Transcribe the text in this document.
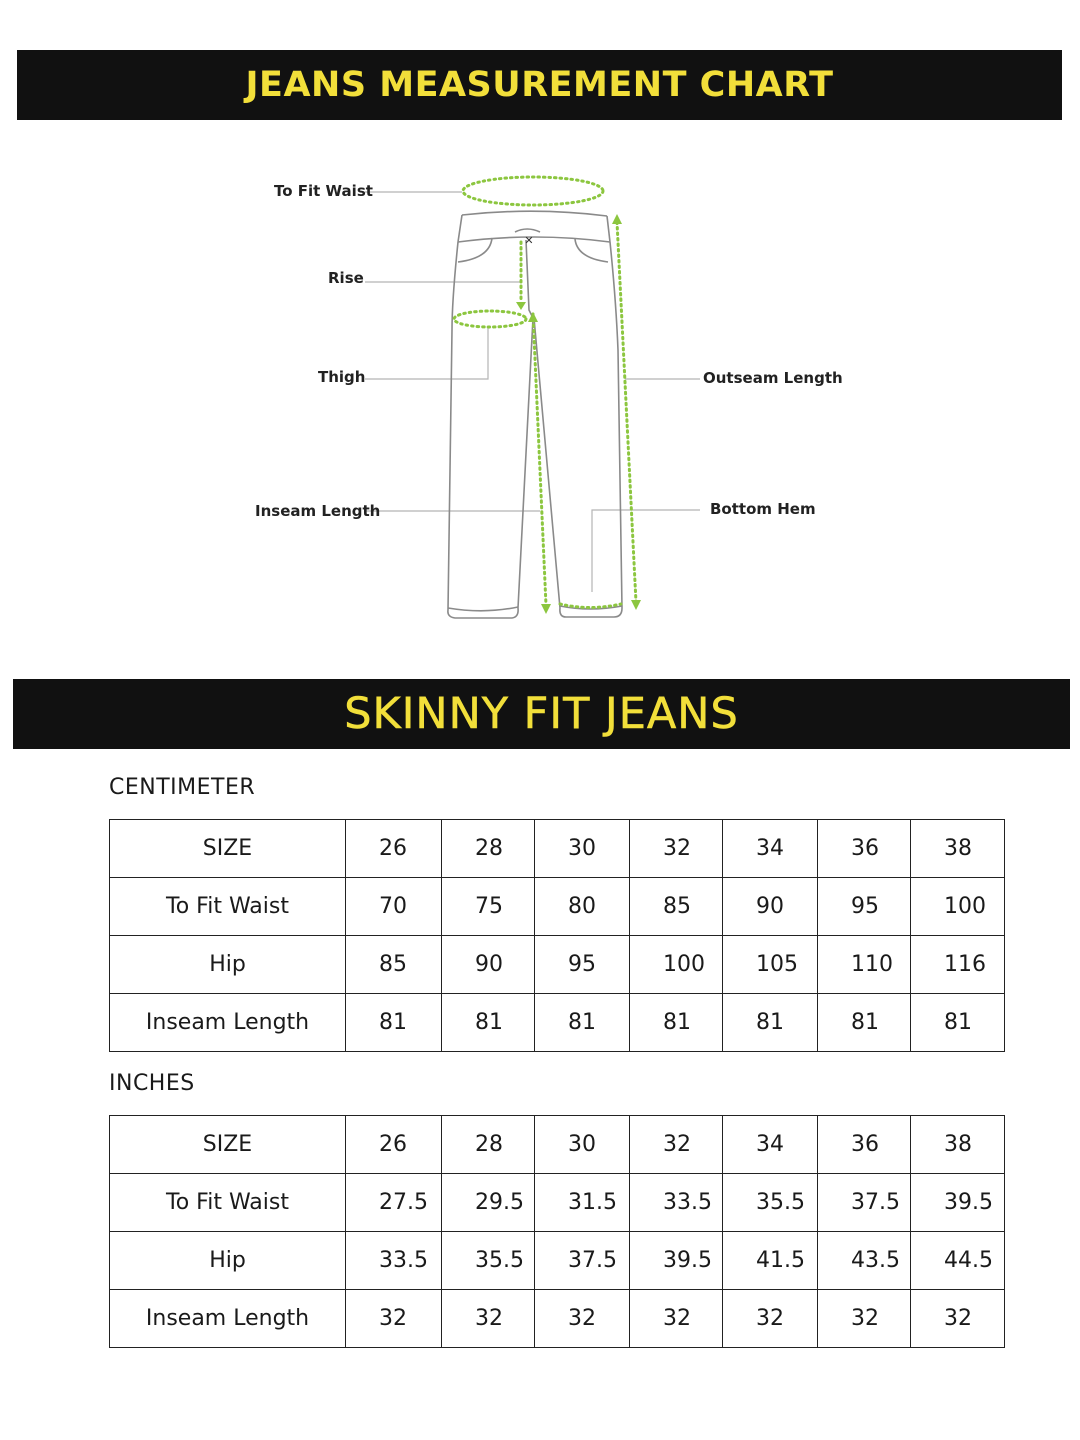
JEANS MEASUREMENT CHART
✕
To Fit Waist
Rise
Thigh
Inseam Length
Outseam Length
Bottom Hem
SKINNY FIT JEANS
CENTIMETER
SIZE	26	28	30	32	34	36	38
To Fit Waist	70	75	80	85	90	95	100
Hip	85	90	95	100	105	110	116
Inseam Length	81	81	81	81	81	81	81
INCHES
SIZE	26	28	30	32	34	36	38
To Fit Waist	27.5	29.5	31.5	33.5	35.5	37.5	39.5
Hip	33.5	35.5	37.5	39.5	41.5	43.5	44.5
Inseam Length	32	32	32	32	32	32	32
